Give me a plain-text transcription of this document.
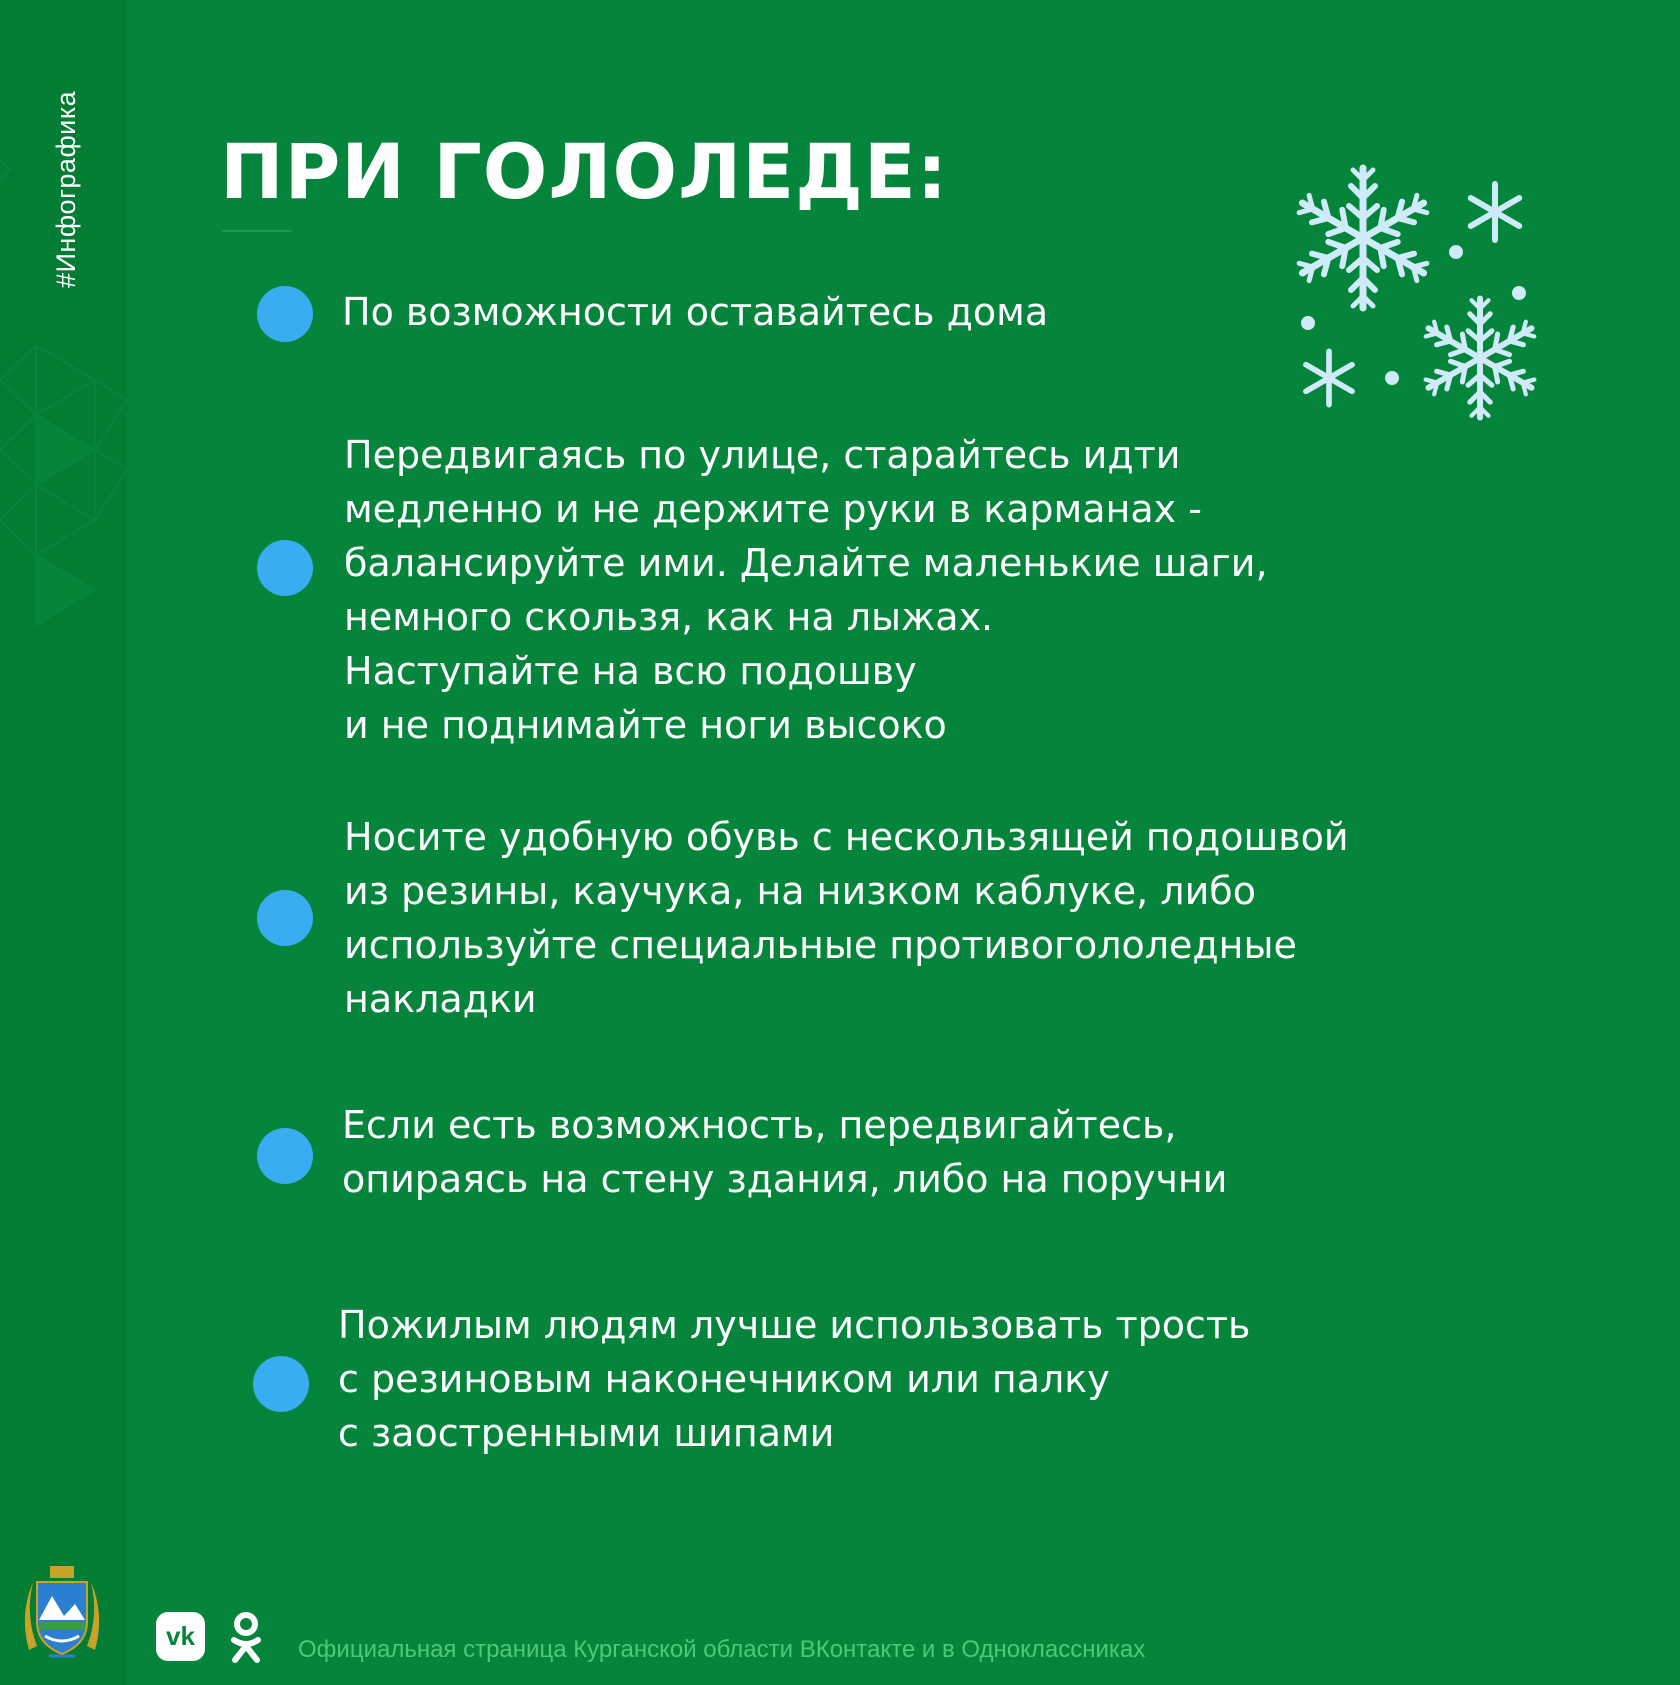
#Инфографика ПРИ ГОЛОЛЕДЕ:

По возможности оставайтесь дома

Передвигаясь по улице, старайтесь идти
медленно и не держите руки в карманах -
балансируйте ими. Делайте маленькие шаги,
немного скользя, как на лыжах.
Наступайте на всю подошву
и не поднимайте ноги высоко

Носите удобную обувь с нескользящей подошвой
из резины, каучука, на низком каблуке, либо
используйте специальные противогололедные
накладки

Если есть возможность, передвигайтесь,
опираясь на стену здания, либо на поручни

Пожилым людям лучше использовать трость
с резиновым наконечником или палку
с заостренными шипами

vk	Официальная страница Курганской области ВКонтакте и в Одноклассниках
